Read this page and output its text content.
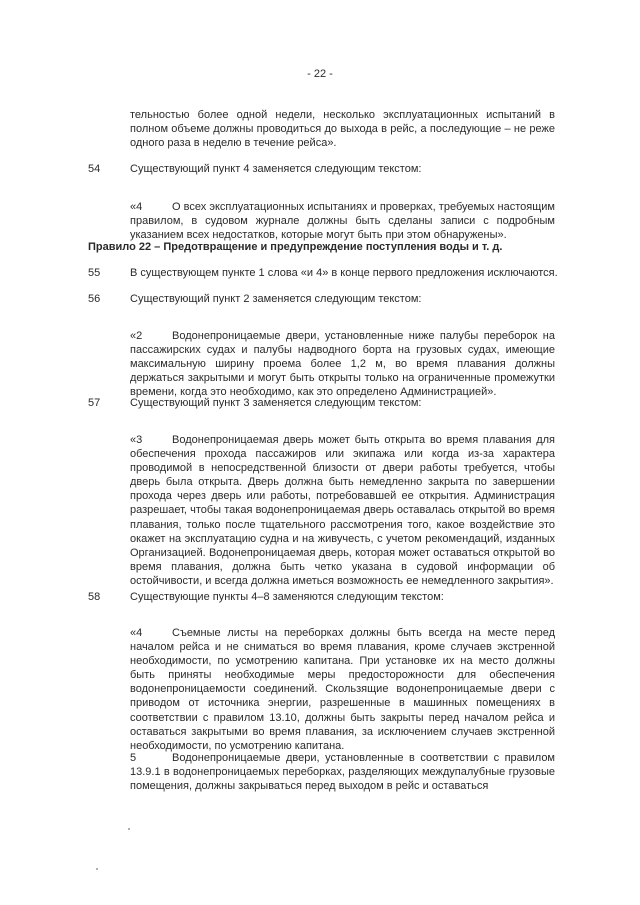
- 22 -

тельностью более одной недели, несколько эксплуатационных испытаний в полном объеме должны проводиться до выхода в рейс, а последующие – не реже одного раза в неделю в течение рейса».

54	Существующий пункт 4 заменяется следующим текстом:

«4	О всех эксплуатационных испытаниях и проверках, требуемых настоящим правилом, в судовом журнале должны быть сделаны записи с подробным указанием всех недостатков, которые могут быть при этом обнаружены».

Правило 22 – Предотвращение и предупреждение поступления воды и т. д.
55	В существующем пункте 1 слова «и 4» в конце первого предложения исключаются.
56	Существующий пункт 2 заменяется следующим текстом:

«2	Водонепроницаемые двери, установленные ниже палубы переборок на пассажирских судах и палубы надводного борта на грузовых судах, имеющие максимальную ширину проема более 1,2 м, во время плавания должны держаться закрытыми и могут быть открыты только на ограниченные промежутки времени, когда это необходимо, как это определено Администрацией».

57	Существующий пункт 3 заменяется следующим текстом:

«3	Водонепроницаемая дверь может быть открыта во время плавания для обеспечения прохода пассажиров или экипажа или когда из-за характера проводимой в непосредственной близости от двери работы требуется, чтобы дверь была открыта. Дверь должна быть немедленно закрыта по завершении прохода через дверь или работы, потребовавшей ее открытия. Администрация разрешает, чтобы такая водонепроницаемая дверь оставалась открытой во время плавания, только после тщательного рассмотрения того, какое воздействие это окажет на эксплуатацию судна и на живучесть, с учетом рекомендаций, изданных Организацией. Водонепроницаемая дверь, которая может оставаться открытой во время плавания, должна быть четко указана в судовой информации об остойчивости, и всегда должна иметься возможность ее немедленного закрытия».

58	Существующие пункты 4–8 заменяются следующим текстом:

«4	Съемные листы на переборках должны быть всегда на месте перед началом рейса и не сниматься во время плавания, кроме случаев экстренной необходимости, по усмотрению капитана. При установке их на место должны быть приняты необходимые меры предосторожности для обеспечения водонепроницаемости соединений. Скользящие водонепроницаемые двери с приводом от источника энергии, разрешенные в машинных помещениях в соответствии с правилом 13.10, должны быть закрыты перед началом рейса и оставаться закрытыми во время плавания, за исключением случаев экстренной необходимости, по усмотрению капитана.

5	Водонепроницаемые двери, установленные в соответствии с правилом 13.9.1 в водонепроницаемых переборках, разделяющих междупалубные грузовые помещения, должны закрываться перед выходом в рейс и оставаться
